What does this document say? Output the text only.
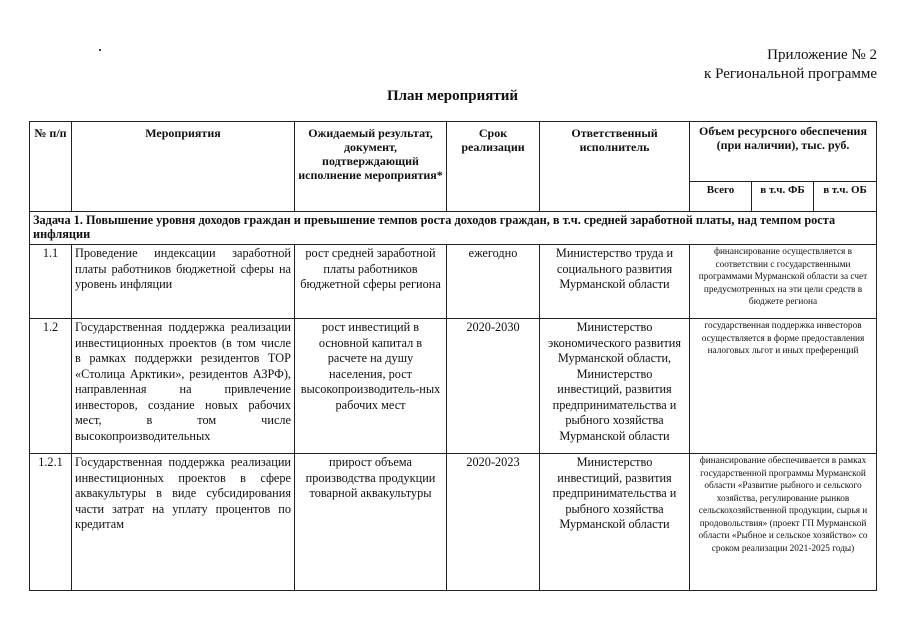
Приложение № 2
к Региональной программе
План мероприятий
№ п/п	Мероприятия	Ожидаемый результат, документ, подтверждающий исполнение мероприятия*	Срок реализации	Ответственный исполнитель	Объем ресурсного обеспечения (при наличии), тыс. руб.		
					Всего	в т.ч. ФБ	в т.ч. ОБ
Задача 1. Повышение уровня доходов граждан и превышение темпов роста доходов граждан, в т.ч. средней заработной платы, над темпом роста инфляции							
1.1	Проведение индексации заработной платы работников бюджетной сферы на уровень инфляции	рост средней заработной платы работников бюджетной сферы региона	ежегодно	Министерство труда и социального развития Мурманской области	финансирование осуществляется в соответствии с государственными программами Мурманской области за счет предусмотренных на эти цели средств в бюджете региона		
1.2	Государственная поддержка реализации инвестиционных проектов (в том числе в рамках поддержки резидентов ТОР «Столица Арктики», резидентов АЗРФ), направленная на привлечение инвесторов, создание новых рабочих мест, в том числе высокопроизводительных	рост инвестиций в основной капитал в расчете на душу населения, рост высокопроизводитель-ных рабочих мест	2020-2030	Министерство экономического развития Мурманской области, Министерство инвестиций, развития предпринимательства и рыбного хозяйства Мурманской области	государственная поддержка инвесторов осуществляется в форме предоставления налоговых льгот и иных преференций		
1.2.1	Государственная поддержка реализации инвестиционных проектов в сфере аквакультуры в виде субсидирования части затрат на уплату процентов по кредитам	прирост объема производства продукции товарной аквакультуры	2020-2023	Министерство инвестиций, развития предпринимательства и рыбного хозяйства Мурманской области	финансирование обеспечивается в рамках государственной программы Мурманской области «Развитие рыбного и сельского хозяйства, регулирование рынков сельскохозяйственной продукции, сырья и продовольствия» (проект ГП Мурманской области «Рыбное и сельское хозяйство» со сроком реализации 2021-2025 годы)		
